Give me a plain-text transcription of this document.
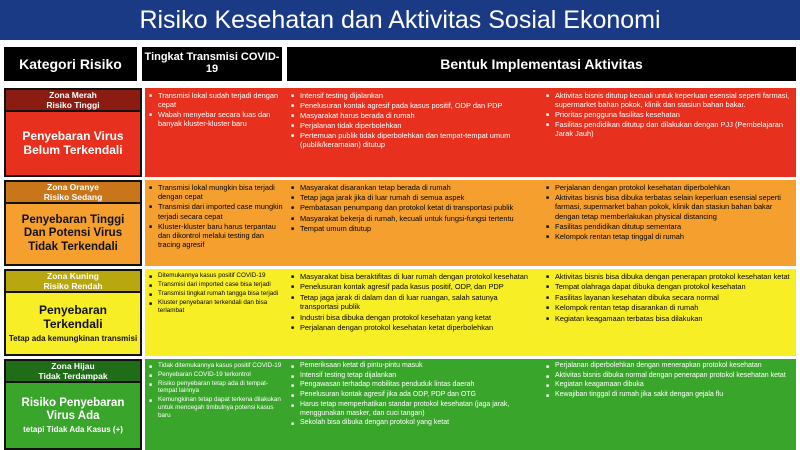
Risiko Kesehatan dan Aktivitas Sosial Ekonomi
Kategori Risiko	Tingkat Transmisi COVID-19	Bentuk Implementasi Aktivitas
Zona Merah
Risiko Tinggi
Penyebaran Virus
Belum Terkendali
■ Transmisi lokal sudah terjadi dengan cepat
■ Wabah menyebar secara luas dan banyak kluster-kluster baru
■ Intensif testing dijalankan
■ Penelusuran kontak agresif pada kasus positif, ODP dan PDP
■ Masyarakat harus berada di rumah
■ Perjalanan tidak diperbolehkan
■ Pertemuan publik tidak diperbolehkan dan tempat-tempat umum (publik/keramaian) ditutup
■ Aktivitas bisnis ditutup kecuali untuk keperluan esensial seperti farmasi, supermarket bahan pokok, klinik dan stasiun bahan bakar.
■ Prioritas pengguna fasilitas kesehatan
■ Fasilitas pendidikan ditutup dan dilakukan dengan PJJ (Pembelajaran Jarak Jauh)
Zona Oranye
Risiko Sedang
Penyebaran Tinggi
Dan Potensi Virus
Tidak Terkendali
■ Transmisi lokal mungkin bisa terjadi dengan cepat
■ Transmisi dari imported case mungkin terjadi secara cepat
■ Kluster-kluster baru harus terpantau dan dikontrol melalui testing dan tracing agresif
■ Masyarakat disarankan tetap berada di rumah
■ Tetap jaga jarak jika di luar rumah di semua aspek
■ Pembatasan penumpang dan protokol ketat di transportasi publik
■ Masyarakat bekerja di rumah, kecuali untuk fungsi-fungsi tertentu
■ Tempat umum ditutup
■ Perjalanan dengan protokol kesehatan diperbolehkan
■ Aktivitas bisnis bisa dibuka terbatas selain keperluan esensial seperti farmasi, supermarket bahan pokok, klinik dan stasiun bahan bakar dengan tetap memberlakukan physical distancing
■ Fasilitas pendidikan ditutup sementara
■ Kelompok rentan tetap tinggal di rumah
Zona Kuning
Risiko Rendah
Penyebaran
Terkendali
Tetap ada kemungkinan transmisi
■ Ditemukannya kasus positif COVID-19
■ Transmisi dari imported case bisa terjadi
■ Transmisi tingkat rumah tangga bisa terjadi
■ Kluster penyebaran terkendali dan bisa terlambat
■ Masyarakat bisa beraktifitas di luar rumah dengan protokol kesehatan
■ Penelusuran kontak agresif pada kasus positif, ODP, dan PDP
■ Tetap jaga jarak di dalam dan di luar ruangan, salah satunya transportasi publik
■ Industri bisa dibuka dengan protokol kesehatan yang ketat
■ Perjalanan dengan protokol kesehatan ketat diperbolehkan
■ Aktivitas bisnis bisa dibuka dengan penerapan protokol kesehatan ketat
■ Tempat olahraga dapat dibuka dengan protokol kesehatan
■ Fasilitas layanan kesehatan dibuka secara normal
■ Kelompok rentan tetap disarankan di rumah
■ Kegiatan keagamaan terbatas bisa dilakukan
Zona Hijau
Tidak Terdampak
Risiko Penyebaran
Virus Ada
tetapi Tidak Ada Kasus (+)
■ Tidak ditemukannya kasus positif COVID-19
■ Penyebaran COVID-19 terkontrol
■ Risiko penyebaran tetap ada di tempat-tempat lainnya
■ Kemungkinan tetap dapat terkena dilakukan untuk mencegah timbulnya potensi kasus baru
■ Pemeriksaan ketat di pintu-pintu masuk
■ Intensif testing tetap dijalankan
■ Pengawasan terhadap mobilitas penduduk lintas daerah
■ Penelusuran kontak agresif jika ada ODP, PDP dan OTG
■ Harus tetap memperhatikan standar protokol kesehatan (jaga jarak, menggunakan masker, dan cuci tangan)
■ Sekolah bisa dibuka dengan protokol yang ketat
■ Perjalanan diperbolehkan dengan menerapkan protokol kesehatan
■ Aktivitas bisnis dibuka normal dengan penerapan protokol kesehatan ketat
■ Kegiatan keagamaan dibuka
■ Kewajiban tinggal di rumah jika sakit dengan gejala flu
